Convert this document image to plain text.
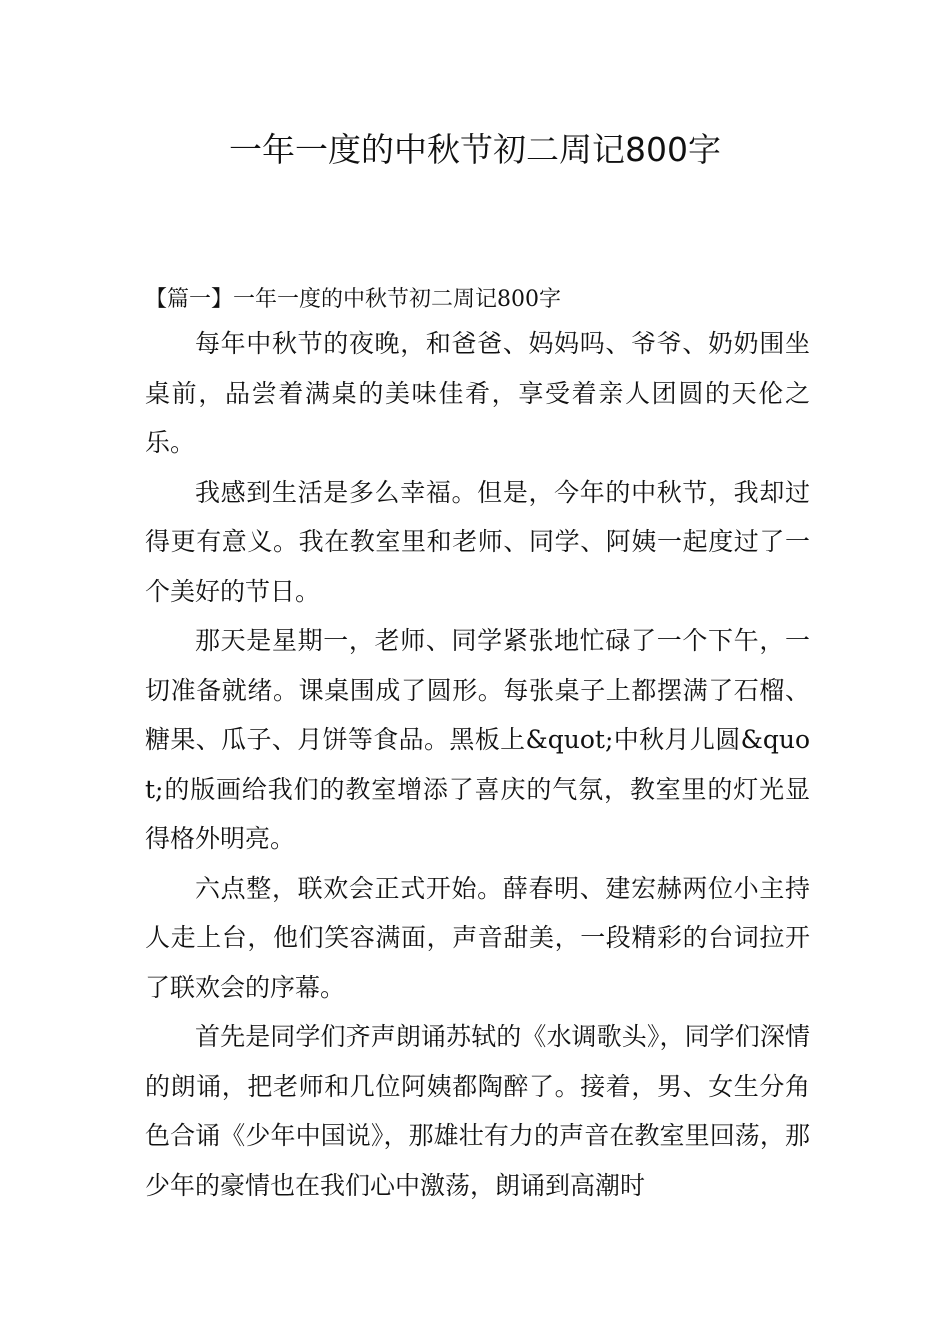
一年一度的中秋节初二周记800字

【篇一】一年一度的中秋节初二周记800字

每年中秋节的夜晚，和爸爸、妈妈吗、爷爷、奶奶围坐桌前，品尝着满桌的美味佳肴，享受着亲人团圆的天伦之乐。

我感到生活是多么幸福。但是，今年的中秋节，我却过得更有意义。我在教室里和老师、同学、阿姨一起度过了一个美好的节日。

那天是星期一，老师、同学紧张地忙碌了一个下午，一切准备就绪。课桌围成了圆形。每张桌子上都摆满了石榴、糖果、瓜子、月饼等食品。黑板上&quot;中秋月儿圆&quot;的版画给我们的教室增添了喜庆的气氛，教室里的灯光显得格外明亮。

六点整，联欢会正式开始。薛春明、建宏赫两位小主持人走上台，他们笑容满面，声音甜美，一段精彩的台词拉开了联欢会的序幕。

首先是同学们齐声朗诵苏轼的《水调歌头》，同学们深情的朗诵，把老师和几位阿姨都陶醉了。接着，男、女生分角色合诵《少年中国说》，那雄壮有力的声音在教室里回荡，那少年的豪情也在我们心中激荡，朗诵到高潮时
